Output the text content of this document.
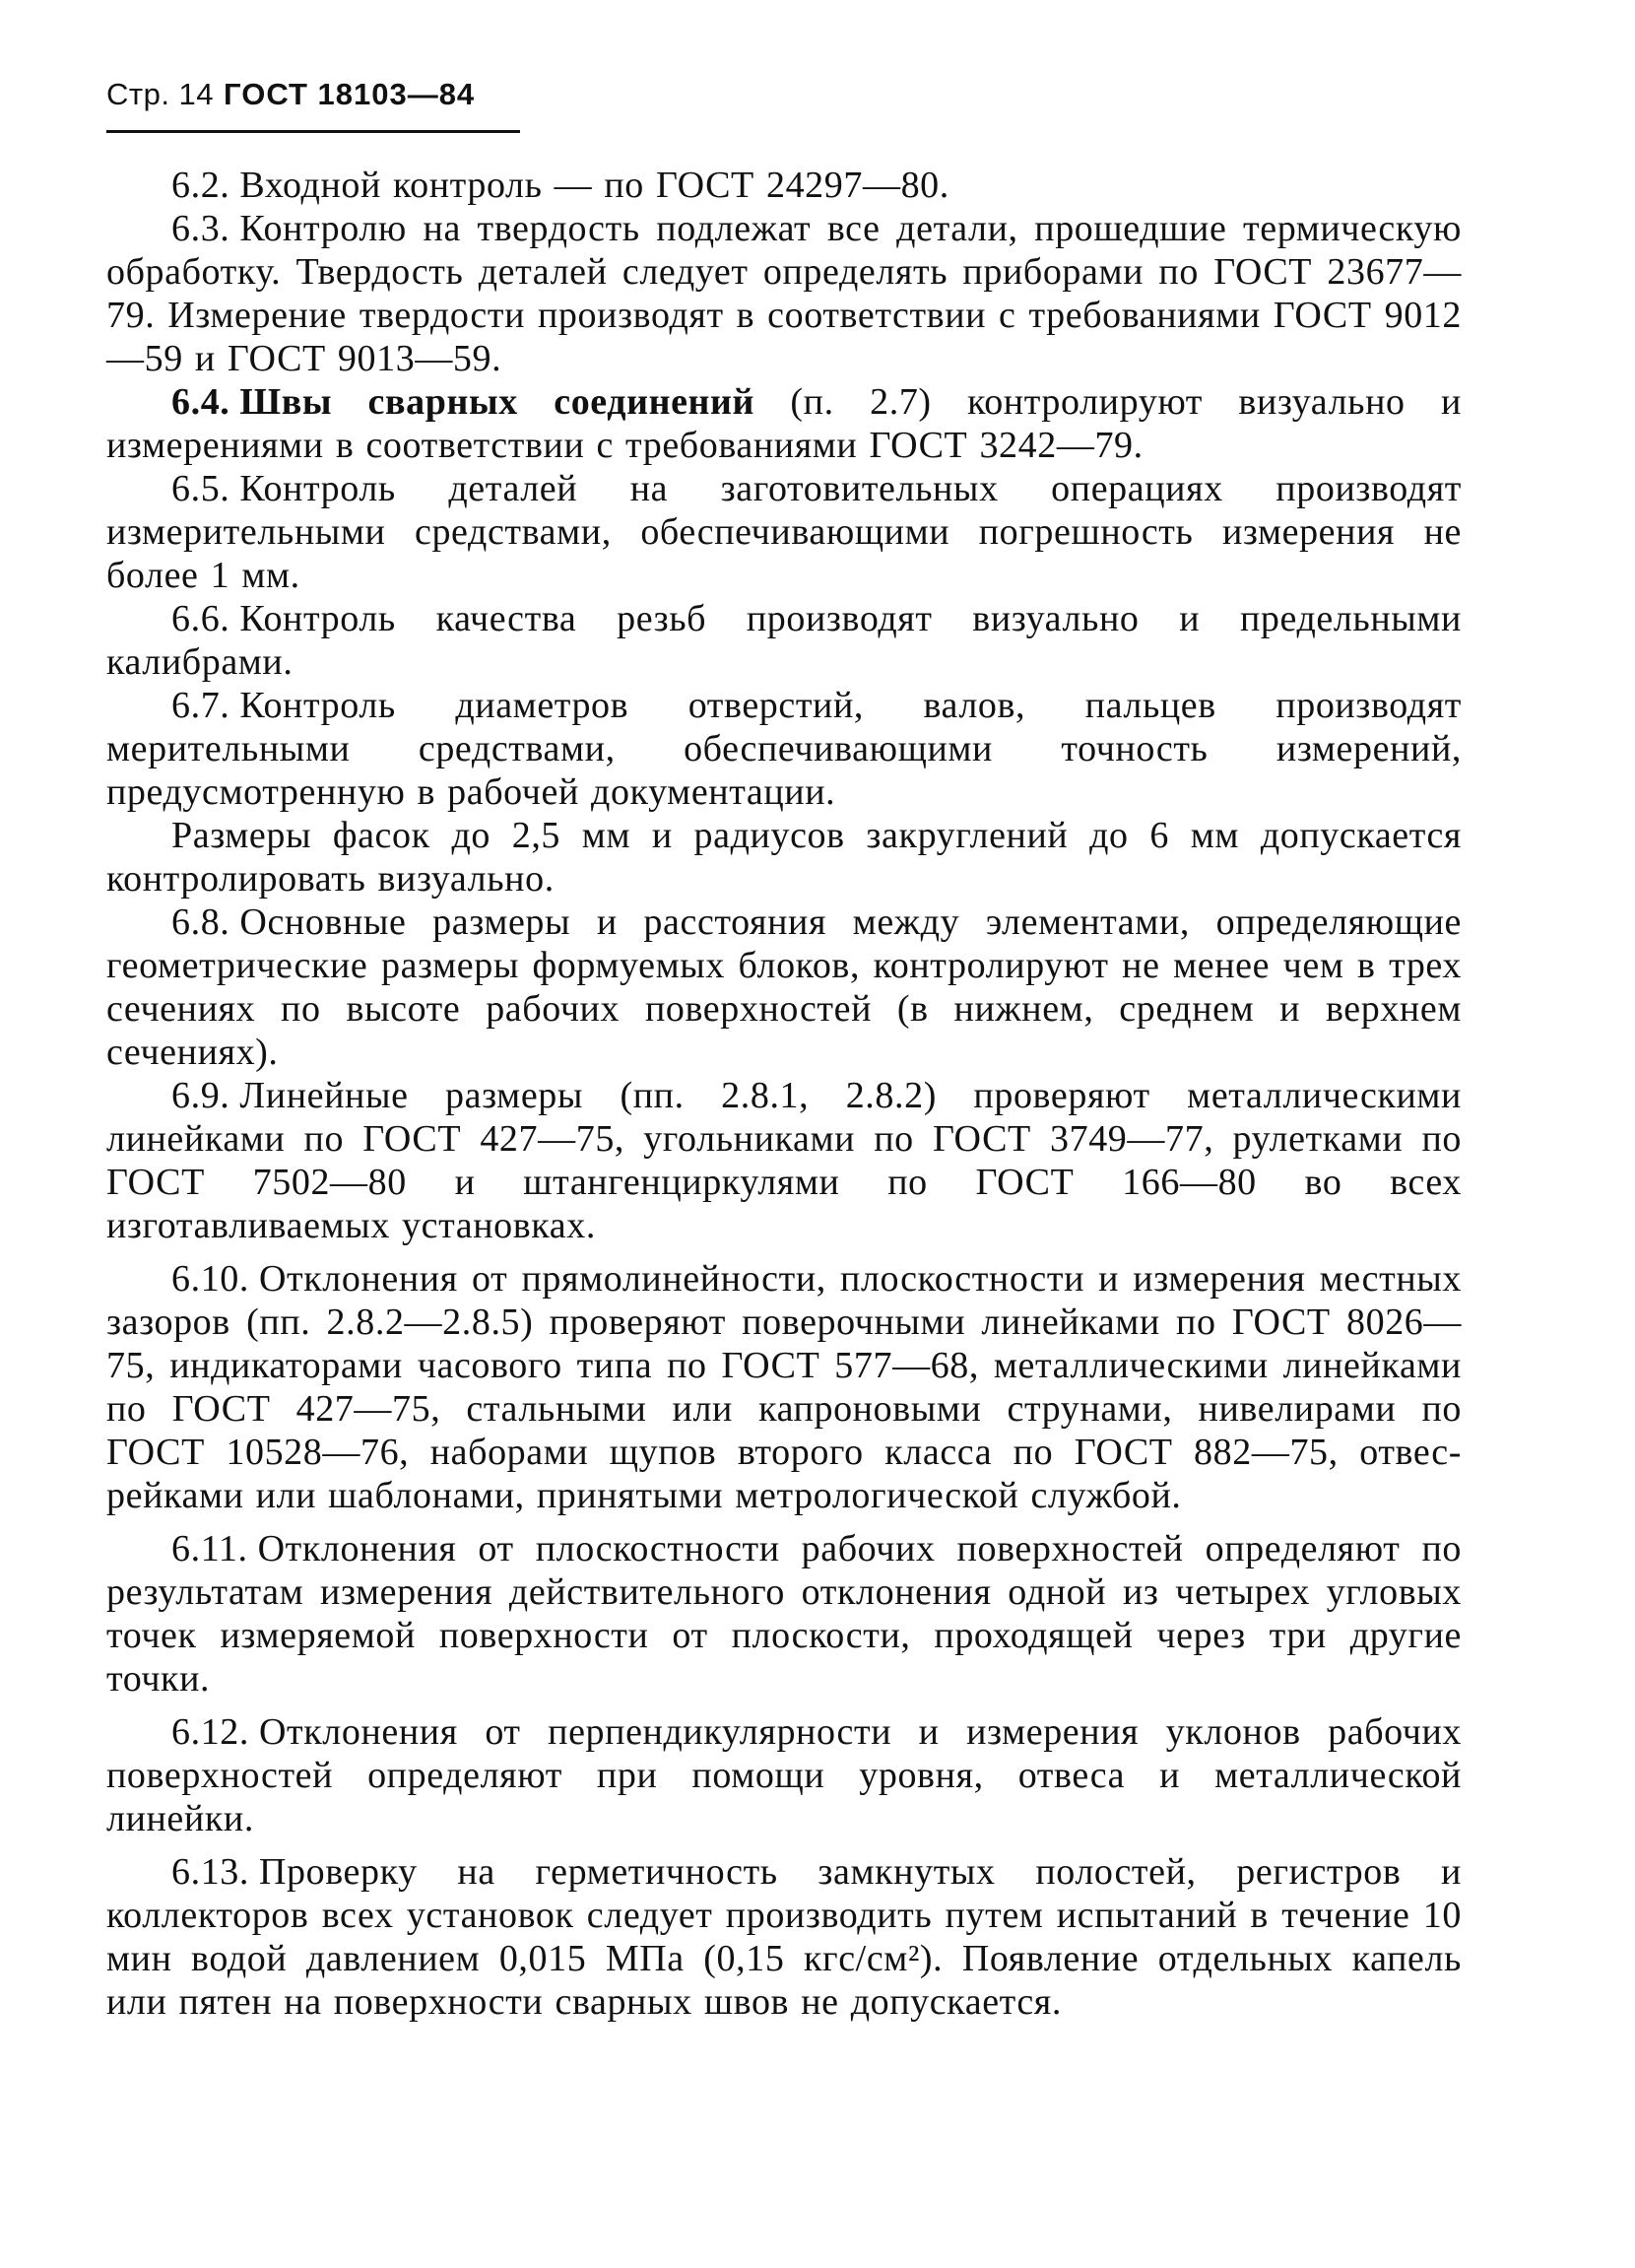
Стр. 14 ГОСТ 18103—84

6.2. Входной контроль — по ГОСТ 24297—80.

6.3. Контролю на твердость подлежат все детали, прошедшие термическую обработку. Твердость деталей следует определять приборами по ГОСТ 23677—79. Измерение твердости производят в соответствии с требованиями ГОСТ 9012—59 и ГОСТ 9013—59.

6.4. Швы сварных соединений (п. 2.7) контролируют визуально и измерениями в соответствии с требованиями ГОСТ 3242—79.

6.5. Контроль деталей на заготовительных операциях производят измерительными средствами, обеспечивающими погрешность измерения не более 1 мм.

6.6. Контроль качества резьб производят визуально и предельными калибрами.

6.7. Контроль диаметров отверстий, валов, пальцев производят мерительными средствами, обеспечивающими точность измерений, предусмотренную в рабочей документации.

Размеры фасок до 2,5 мм и радиусов закруглений до 6 мм допускается контролировать визуально.

6.8. Основные размеры и расстояния между элементами, определяющие геометрические размеры формуемых блоков, контролируют не менее чем в трех сечениях по высоте рабочих поверхностей (в нижнем, среднем и верхнем сечениях).

6.9. Линейные размеры (пп. 2.8.1, 2.8.2) проверяют металлическими линейками по ГОСТ 427—75, угольниками по ГОСТ 3749—77, рулетками по ГОСТ 7502—80 и штангенциркулями по ГОСТ 166—80 во всех изготавливаемых установках.

6.10. Отклонения от прямолинейности, плоскостности и измерения местных зазоров (пп. 2.8.2—2.8.5) проверяют поверочными линейками по ГОСТ 8026—75, индикаторами часового типа по ГОСТ 577—68, металлическими линейками по ГОСТ 427—75, стальными или капроновыми струнами, нивелирами по ГОСТ 10528—76, наборами щупов второго класса по ГОСТ 882—75, отвес-рейками или шаблонами, принятыми метрологической службой.

6.11. Отклонения от плоскостности рабочих поверхностей определяют по результатам измерения действительного отклонения одной из четырех угловых точек измеряемой поверхности от плоскости, проходящей через три другие точки.

6.12. Отклонения от перпендикулярности и измерения уклонов рабочих поверхностей определяют при помощи уровня, отвеса и металлической линейки.

6.13. Проверку на герметичность замкнутых полостей, регистров и коллекторов всех установок следует производить путем испытаний в течение 10 мин водой давлением 0,015 МПа (0,15 кгс/см²). Появление отдельных капель или пятен на поверхности сварных швов не допускается.
